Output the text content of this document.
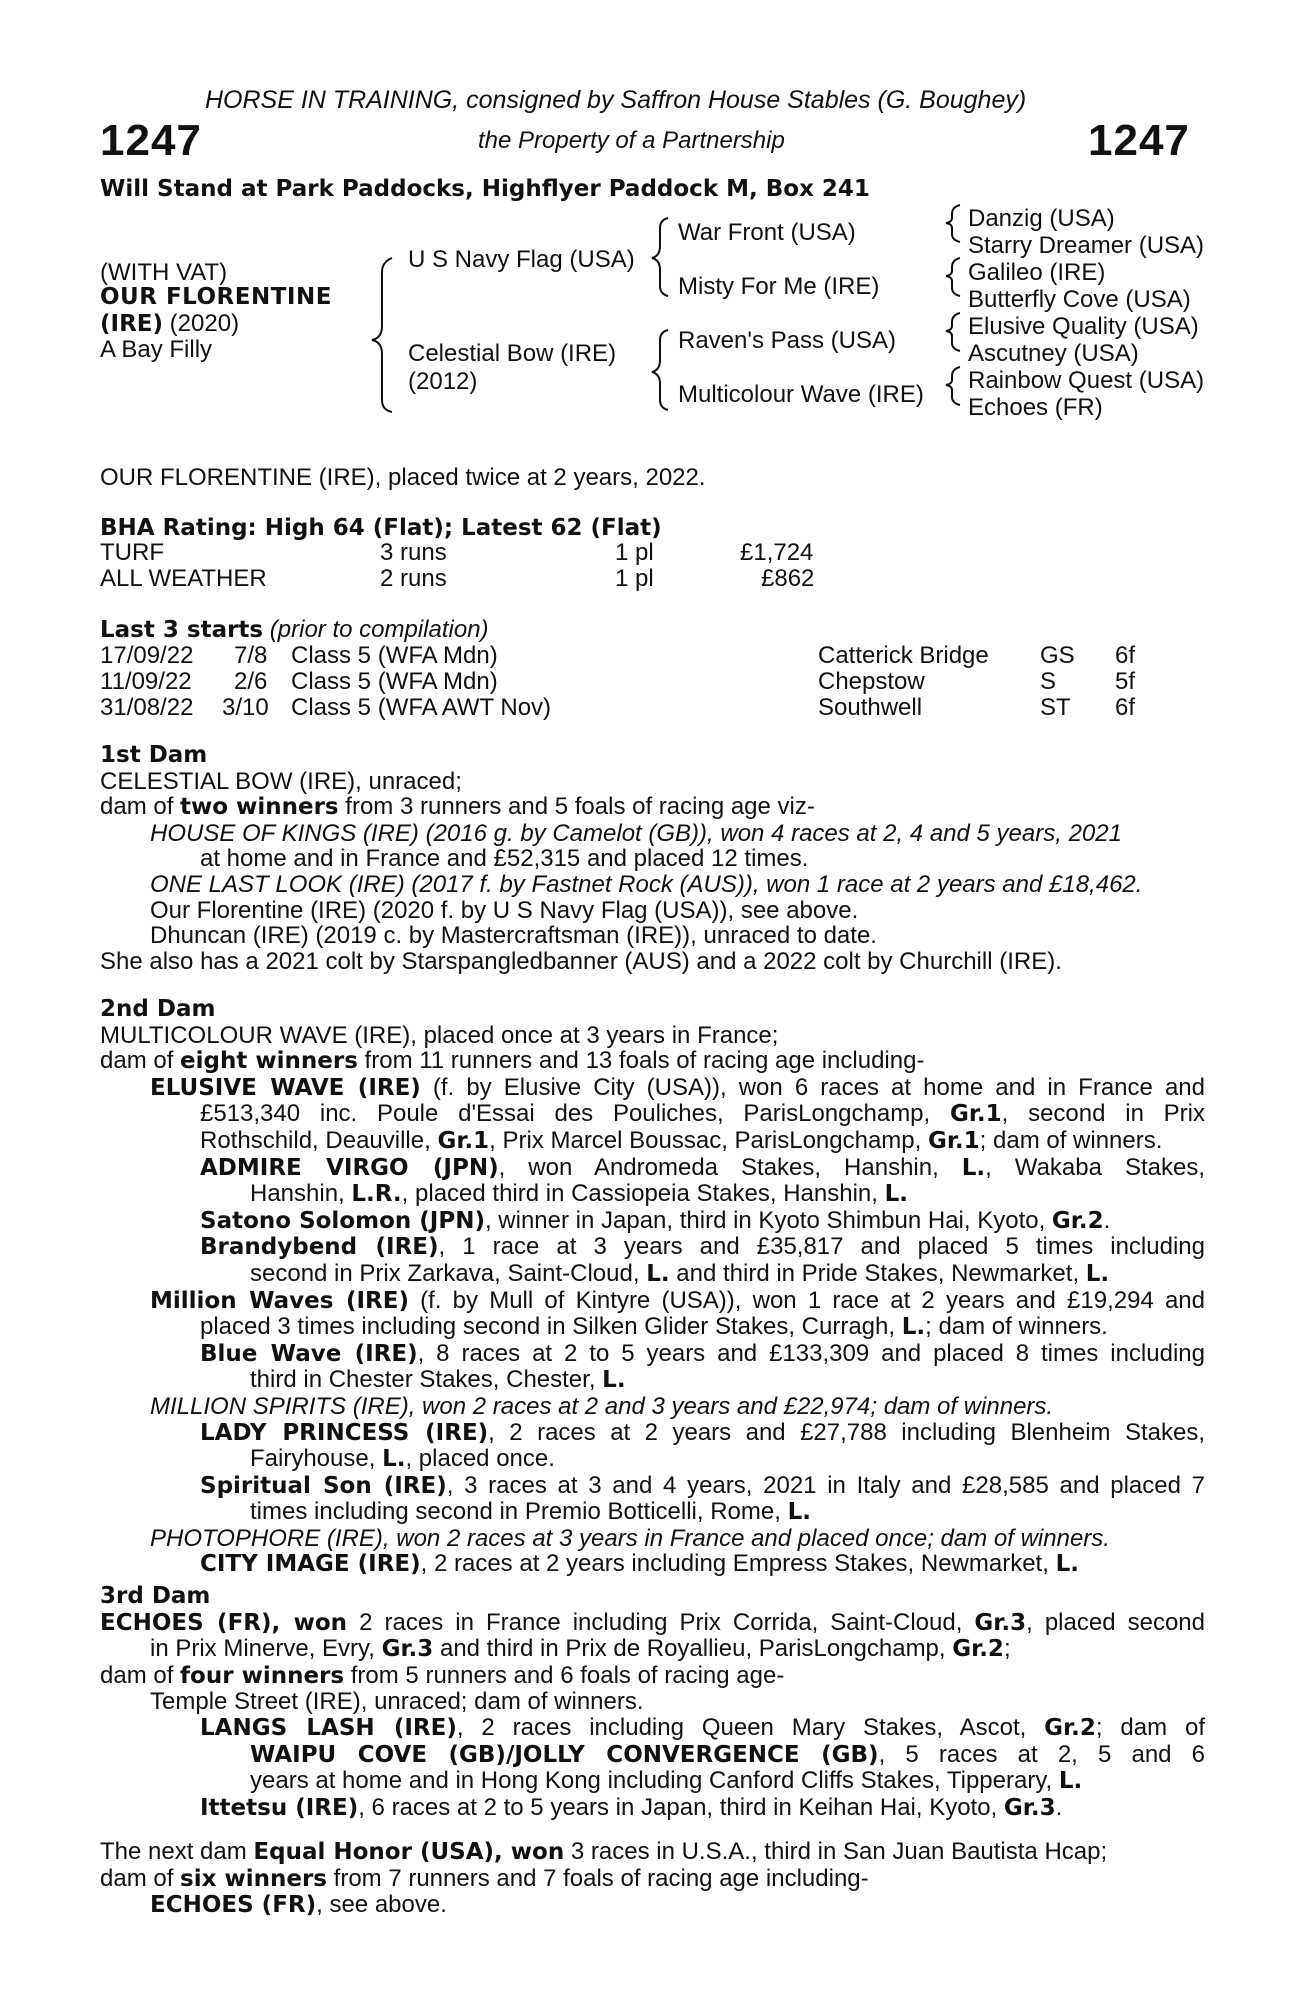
HORSE IN TRAINING, consigned by Saffron House Stables (G. Boughey)
1247	the Property of a Partnership	1247
Will Stand at Park Paddocks, Highflyer Paddock M, Box 241
(WITH VAT)
OUR FLORENTINE
(IRE) (2020)
A Bay Filly
U S Navy Flag (USA)
Celestial Bow (IRE)
(2012)
War Front (USA)
Misty For Me (IRE)
Raven's Pass (USA)
Multicolour Wave (IRE)
Danzig (USA)
Starry Dreamer (USA)
Galileo (IRE)
Butterfly Cove (USA)
Elusive Quality (USA)
Ascutney (USA)
Rainbow Quest (USA)
Echoes (FR)
OUR FLORENTINE (IRE), placed twice at 2 years, 2022.
BHA Rating: High 64 (Flat); Latest 62 (Flat)
TURF	3 runs	1 pl	£1,724
ALL WEATHER	2 runs	1 pl	£862
Last 3 starts (prior to compilation)
17/09/22 7/8 Class 5 (WFA Mdn)	Catterick Bridge GS 6f
11/09/22 2/6 Class 5 (WFA Mdn)	Chepstow	S 5f
31/08/22 3/10 Class 5 (WFA AWT Nov)	Southwell	ST 6f
1st Dam
CELESTIAL BOW (IRE), unraced;
dam of two winners from 3 runners and 5 foals of racing age viz-
HOUSE OF KINGS (IRE) (2016 g. by Camelot (GB)), won 4 races at 2, 4 and 5 years, 2021
at home and in France and £52,315 and placed 12 times.
ONE LAST LOOK (IRE) (2017 f. by Fastnet Rock (AUS)), won 1 race at 2 years and £18,462.
Our Florentine (IRE) (2020 f. by U S Navy Flag (USA)), see above.
Dhuncan (IRE) (2019 c. by Mastercraftsman (IRE)), unraced to date.
She also has a 2021 colt by Starspangledbanner (AUS) and a 2022 colt by Churchill (IRE).
2nd Dam
MULTICOLOUR WAVE (IRE), placed once at 3 years in France;
dam of eight winners from 11 runners and 13 foals of racing age including-
ELUSIVE WAVE (IRE) (f. by Elusive City (USA)), won 6 races at home and in France and
£513,340 inc. Poule d'Essai des Pouliches, ParisLongchamp, Gr.1, second in Prix
Rothschild, Deauville, Gr.1, Prix Marcel Boussac, ParisLongchamp, Gr.1; dam of winners.
ADMIRE VIRGO (JPN), won Andromeda Stakes, Hanshin, L., Wakaba Stakes,
Hanshin, L.R., placed third in Cassiopeia Stakes, Hanshin, L.
Satono Solomon (JPN), winner in Japan, third in Kyoto Shimbun Hai, Kyoto, Gr.2.
Brandybend (IRE), 1 race at 3 years and £35,817 and placed 5 times including
second in Prix Zarkava, Saint-Cloud, L. and third in Pride Stakes, Newmarket, L.
Million Waves (IRE) (f. by Mull of Kintyre (USA)), won 1 race at 2 years and £19,294 and
placed 3 times including second in Silken Glider Stakes, Curragh, L.; dam of winners.
Blue Wave (IRE), 8 races at 2 to 5 years and £133,309 and placed 8 times including
third in Chester Stakes, Chester, L.
MILLION SPIRITS (IRE), won 2 races at 2 and 3 years and £22,974; dam of winners.
LADY PRINCESS (IRE), 2 races at 2 years and £27,788 including Blenheim Stakes,
Fairyhouse, L., placed once.
Spiritual Son (IRE), 3 races at 3 and 4 years, 2021 in Italy and £28,585 and placed 7
times including second in Premio Botticelli, Rome, L.
PHOTOPHORE (IRE), won 2 races at 3 years in France and placed once; dam of winners.
CITY IMAGE (IRE), 2 races at 2 years including Empress Stakes, Newmarket, L.
3rd Dam
ECHOES (FR), won 2 races in France including Prix Corrida, Saint-Cloud, Gr.3, placed second
in Prix Minerve, Evry, Gr.3 and third in Prix de Royallieu, ParisLongchamp, Gr.2;
dam of four winners from 5 runners and 6 foals of racing age-
Temple Street (IRE), unraced; dam of winners.
LANGS LASH (IRE), 2 races including Queen Mary Stakes, Ascot, Gr.2; dam of
WAIPU COVE (GB)/JOLLY CONVERGENCE (GB), 5 races at 2, 5 and 6
years at home and in Hong Kong including Canford Cliffs Stakes, Tipperary, L.
Ittetsu (IRE), 6 races at 2 to 5 years in Japan, third in Keihan Hai, Kyoto, Gr.3.
The next dam Equal Honor (USA), won 3 races in U.S.A., third in San Juan Bautista Hcap;
dam of six winners from 7 runners and 7 foals of racing age including-
ECHOES (FR), see above.
